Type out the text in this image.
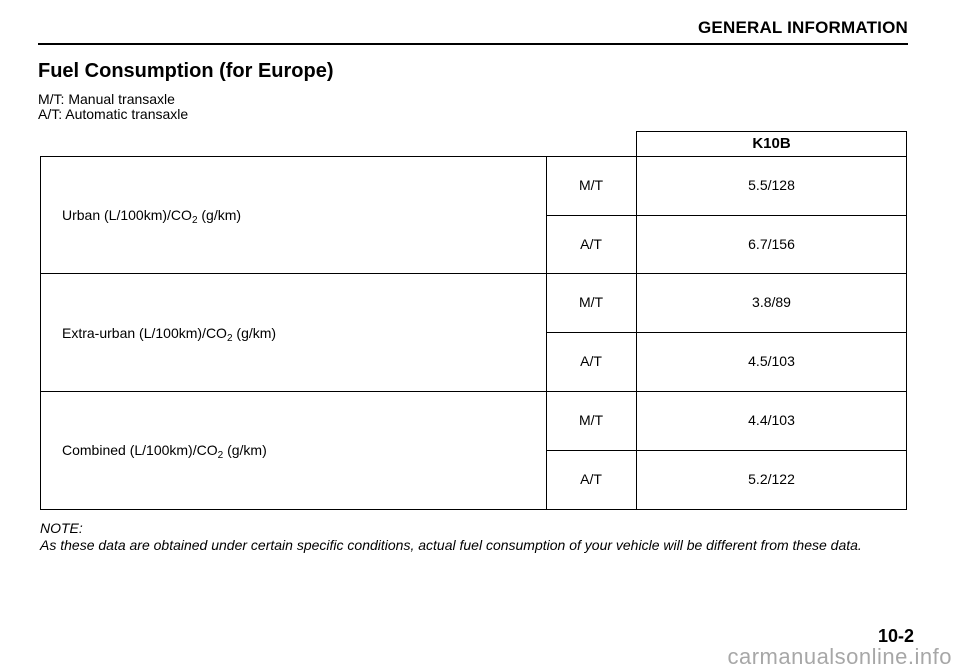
GENERAL INFORMATION
Fuel Consumption (for Europe)
M/T: Manual transaxle
A/T: Automatic transaxle
K10B
Urban $(L/100km)/CO_2$ (g/km)
M/T	5.5/128
A/T	6.7/156
Extra-urban $(L/100km)/CO_2$ (g/km)
M/T	3.8/89
A/T	4.5/103
Combined $(L/100km)/CO_2$ (g/km)
M/T	4.4/103
A/T	5.2/122
NOTE:
As these data are obtained under certain specific conditions, actual fuel consumption of your vehicle will be different from these data.
10-2
carmanualsonline.info
